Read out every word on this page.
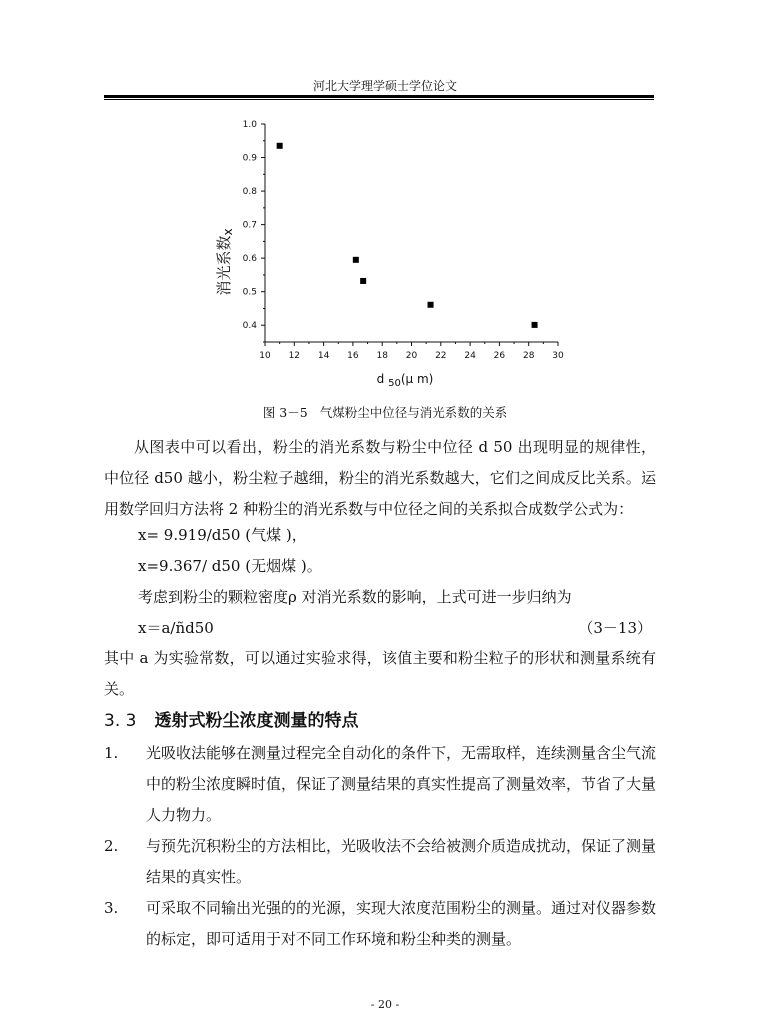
河北大学理学硕士学位论文
10 12 14 16 18 20 22 24 26 28 30
0.4
0.5
0.6
0.7
0.8
0.9
1.0
消光系数$_x$
d $_{50}$(μ m)
图 3－5 气煤粉尘中位径与消光系数的关系
从图表中可以看出，粉尘的消光系数与粉尘中位径 d 50 出现明显的规律性，中位径 d50 越小，粉尘粒子越细，粉尘的消光系数越大，它们之间成反比关系。运用数学回归方法将 2 种粉尘的消光系数与中位径之间的关系拟合成数学公式为：
x= 9.919/d50 (气煤 )，
x=9.367/ d50 (无烟煤 )。
考虑到粉尘的颗粒密度ρ 对消光系数的影响，上式可进一步归纳为
x＝a/ñd50	（3－13）
其中 a 为实验常数，可以通过实验求得，该值主要和粉尘粒子的形状和测量系统有关。
3. 3 透射式粉尘浓度测量的特点
1. 光吸收法能够在测量过程完全自动化的条件下，无需取样，连续测量含尘气流中的粉尘浓度瞬时值，保证了测量结果的真实性提高了测量效率，节省了大量人力物力。
2. 与预先沉积粉尘的方法相比，光吸收法不会给被测介质造成扰动，保证了测量结果的真实性。
3. 可采取不同输出光强的的光源，实现大浓度范围粉尘的测量。通过对仪器参数的标定，即可适用于对不同工作环境和粉尘种类的测量。
- 20 -
